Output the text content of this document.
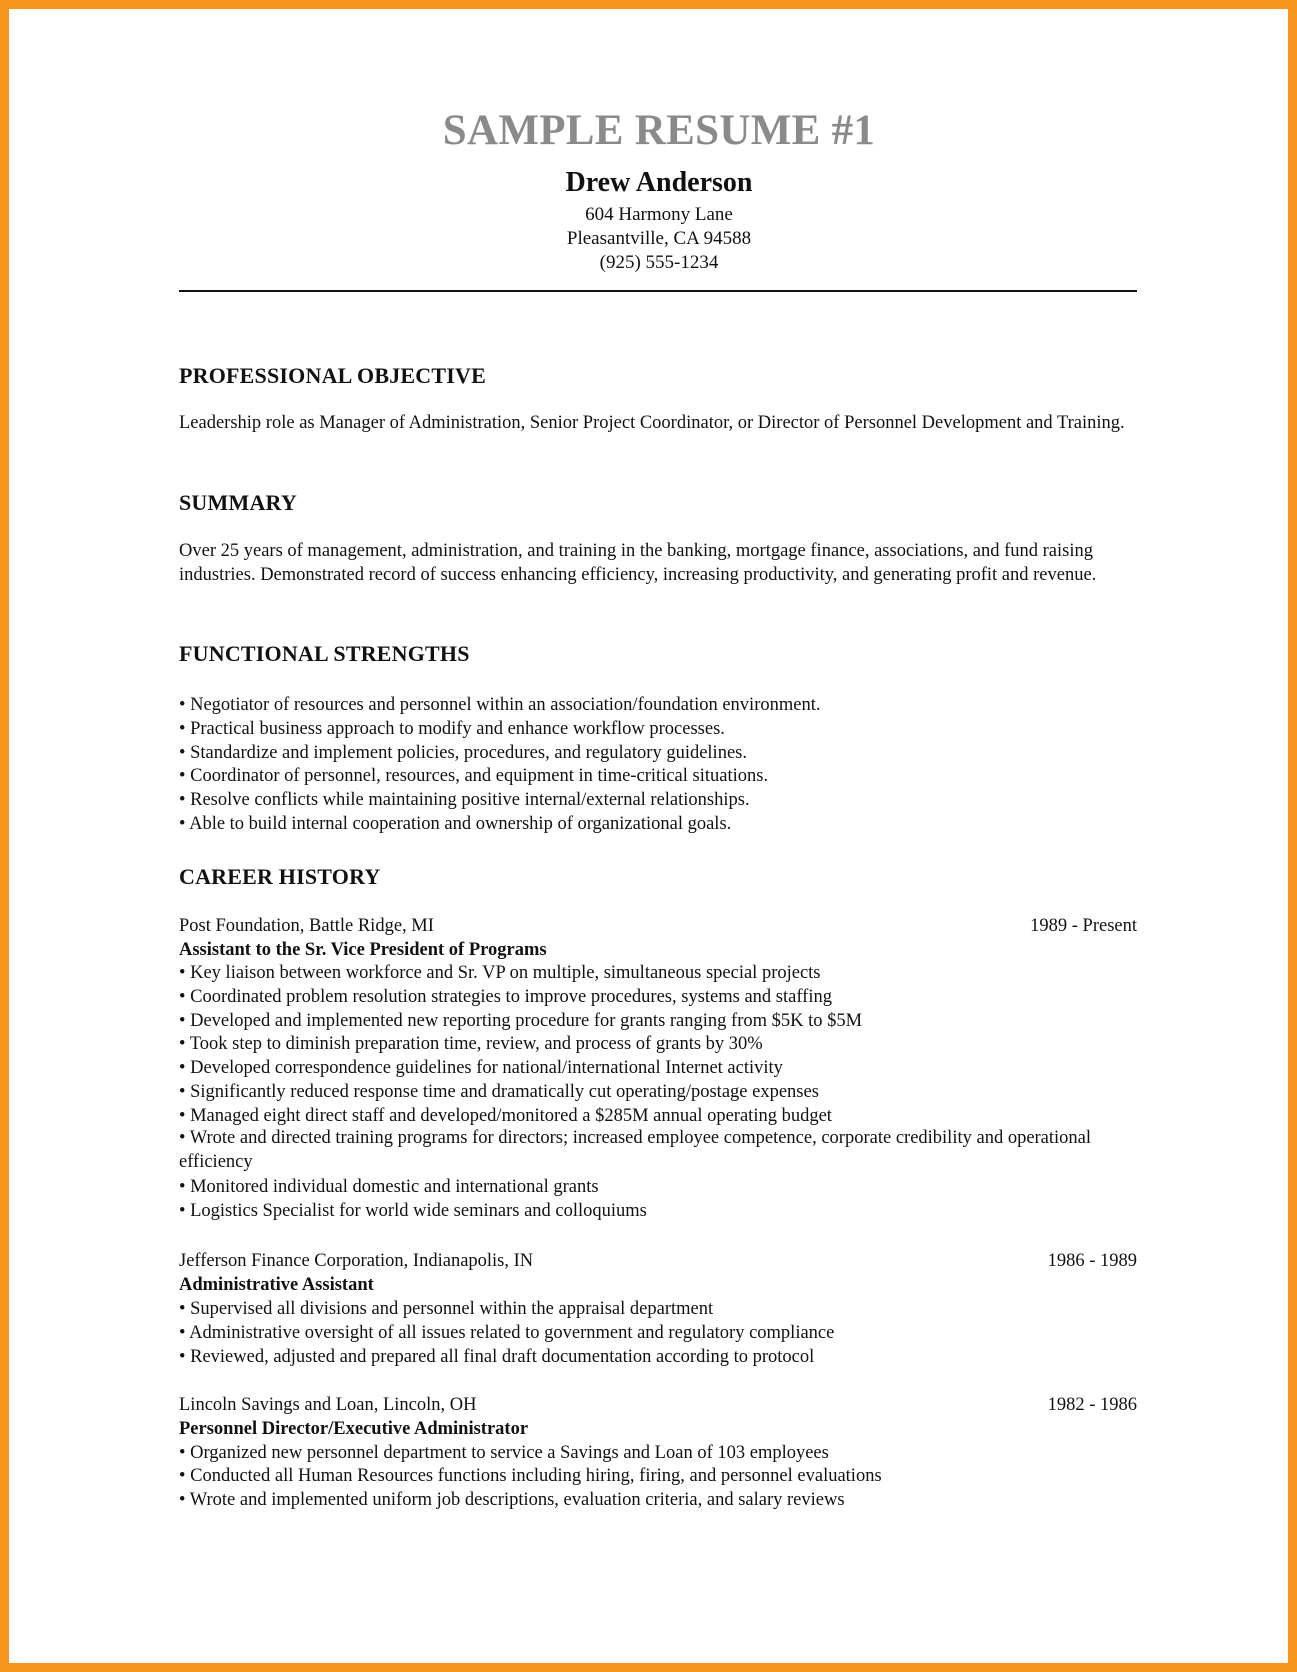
SAMPLE RESUME #1
Drew Anderson
604 Harmony Lane
Pleasantville, CA 94588
(925) 555-1234
PROFESSIONAL OBJECTIVE
Leadership role as Manager of Administration, Senior Project Coordinator, or Director of Personnel Development and Training.
SUMMARY
Over 25 years of management, administration, and training in the banking, mortgage finance, associations, and fund raising industries. Demonstrated record of success enhancing efficiency, increasing productivity, and generating profit and revenue.
FUNCTIONAL STRENGTHS
• Negotiator of resources and personnel within an association/foundation environment.
• Practical business approach to modify and enhance workflow processes.
• Standardize and implement policies, procedures, and regulatory guidelines.
• Coordinator of personnel, resources, and equipment in time-critical situations.
• Resolve conflicts while maintaining positive internal/external relationships.
• Able to build internal cooperation and ownership of organizational goals.
CAREER HISTORY
Post Foundation, Battle Ridge, MI	1989 - Present
Assistant to the Sr. Vice President of Programs
• Key liaison between workforce and Sr. VP on multiple, simultaneous special projects
• Coordinated problem resolution strategies to improve procedures, systems and staffing
• Developed and implemented new reporting procedure for grants ranging from $5K to $5M
• Took step to diminish preparation time, review, and process of grants by 30%
• Developed correspondence guidelines for national/international Internet activity
• Significantly reduced response time and dramatically cut operating/postage expenses
• Managed eight direct staff and developed/monitored a $285M annual operating budget
• Wrote and directed training programs for directors; increased employee competence, corporate credibility and operational efficiency
• Monitored individual domestic and international grants
• Logistics Specialist for world wide seminars and colloquiums
Jefferson Finance Corporation, Indianapolis, IN	1986 - 1989
Administrative Assistant
• Supervised all divisions and personnel within the appraisal department
• Administrative oversight of all issues related to government and regulatory compliance
• Reviewed, adjusted and prepared all final draft documentation according to protocol
Lincoln Savings and Loan, Lincoln, OH	1982 - 1986
Personnel Director/Executive Administrator
• Organized new personnel department to service a Savings and Loan of 103 employees
• Conducted all Human Resources functions including hiring, firing, and personnel evaluations
• Wrote and implemented uniform job descriptions, evaluation criteria, and salary reviews
